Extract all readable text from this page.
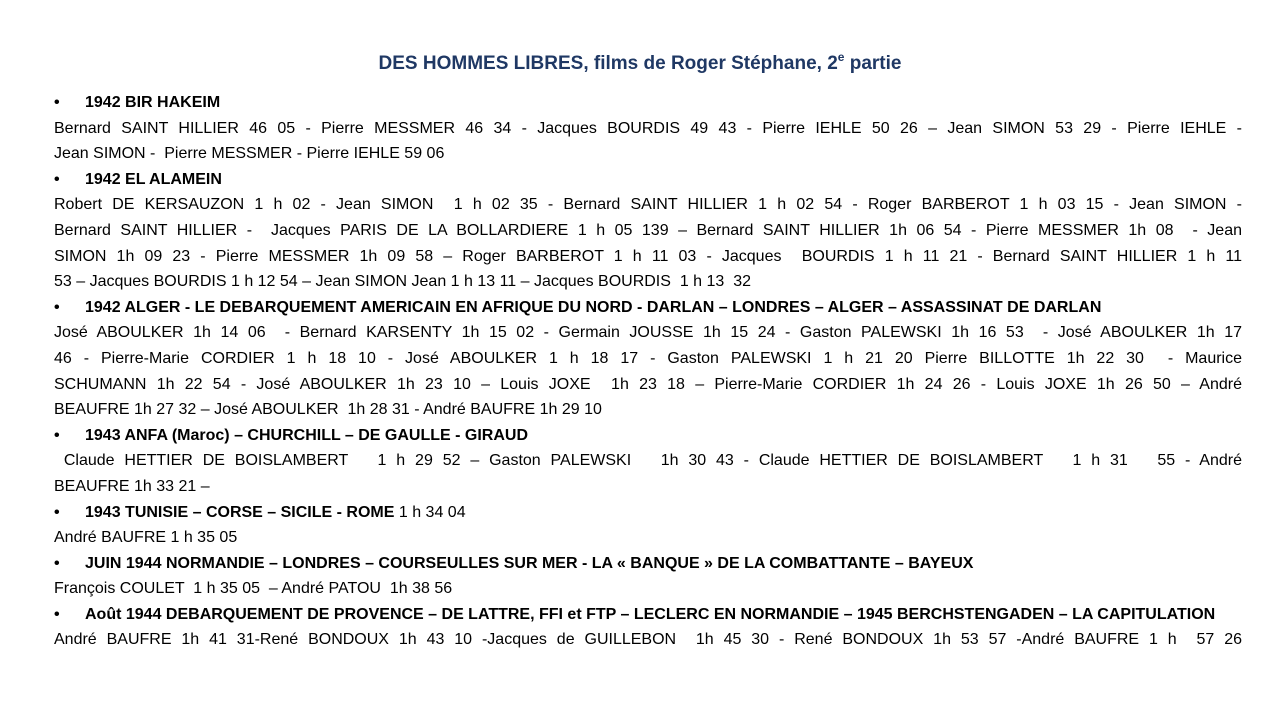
DES HOMMES LIBRES, films de Roger Stéphane, 2e partie
• 1942 BIR HAKEIM
Bernard SAINT HILLIER 46 05 - Pierre MESSMER 46 34 - Jacques BOURDIS 49 43 - Pierre IEHLE 50 26 – Jean SIMON 53 29 - Pierre IEHLE -
Jean SIMON -  Pierre MESSMER - Pierre IEHLE 59 06
• 1942 EL ALAMEIN
Robert DE KERSAUZON 1 h 02 - Jean SIMON  1 h 02 35 - Bernard SAINT HILLIER 1 h 02 54 - Roger BARBEROT 1 h 03 15 - Jean SIMON -
Bernard SAINT HILLIER -  Jacques PARIS DE LA BOLLARDIERE 1 h 05 139 – Bernard SAINT HILLIER 1h 06 54 - Pierre MESSMER 1h 08  - Jean
SIMON 1h 09 23 - Pierre MESSMER 1h 09 58 – Roger BARBEROT 1 h 11 03 - Jacques  BOURDIS 1 h 11 21 - Bernard SAINT HILLIER 1 h 11
53 – Jacques BOURDIS 1 h 12 54 – Jean SIMON Jean 1 h 13 11 – Jacques BOURDIS  1 h 13  32
• 1942 ALGER - LE DEBARQUEMENT AMERICAIN EN AFRIQUE DU NORD - DARLAN – LONDRES – ALGER – ASSASSINAT DE DARLAN
José ABOULKER 1h 14 06  - Bernard KARSENTY 1h 15 02 - Germain JOUSSE 1h 15 24 - Gaston PALEWSKI 1h 16 53  - José ABOULKER 1h 17
46 - Pierre-Marie CORDIER 1 h 18 10 - José ABOULKER 1 h 18 17 - Gaston PALEWSKI 1 h 21 20 Pierre BILLOTTE 1h 22 30  - Maurice
SCHUMANN 1h 22 54 - José ABOULKER 1h 23 10 – Louis JOXE  1h 23 18 – Pierre-Marie CORDIER 1h 24 26 - Louis JOXE 1h 26 50 – André
BEAUFRE 1h 27 32 – José ABOULKER  1h 28 31 - André BAUFRE 1h 29 10
• 1943 ANFA (Maroc) – CHURCHILL – DE GAULLE - GIRAUD
Claude HETTIER DE BOISLAMBERT   1 h 29 52 – Gaston PALEWSKI   1h 30 43 - Claude HETTIER DE BOISLAMBERT   1 h 31   55 - André
BEAUFRE 1h 33 21 –
• 1943 TUNISIE – CORSE – SICILE - ROME 1 h 34 04
André BAUFRE 1 h 35 05
• JUIN 1944 NORMANDIE – LONDRES – COURSEULLES SUR MER - LA « BANQUE » DE LA COMBATTANTE – BAYEUX
François COULET  1 h 35 05  – André PATOU  1h 38 56
• Août 1944 DEBARQUEMENT DE PROVENCE – DE LATTRE, FFI et FTP – LECLERC EN NORMANDIE – 1945 BERCHSTENGADEN – LA CAPITULATION
André BAUFRE 1h 41 31-René BONDOUX 1h 43 10 -Jacques de GUILLEBON  1h 45 30 - René BONDOUX 1h 53 57 -André BAUFRE 1 h  57 26
